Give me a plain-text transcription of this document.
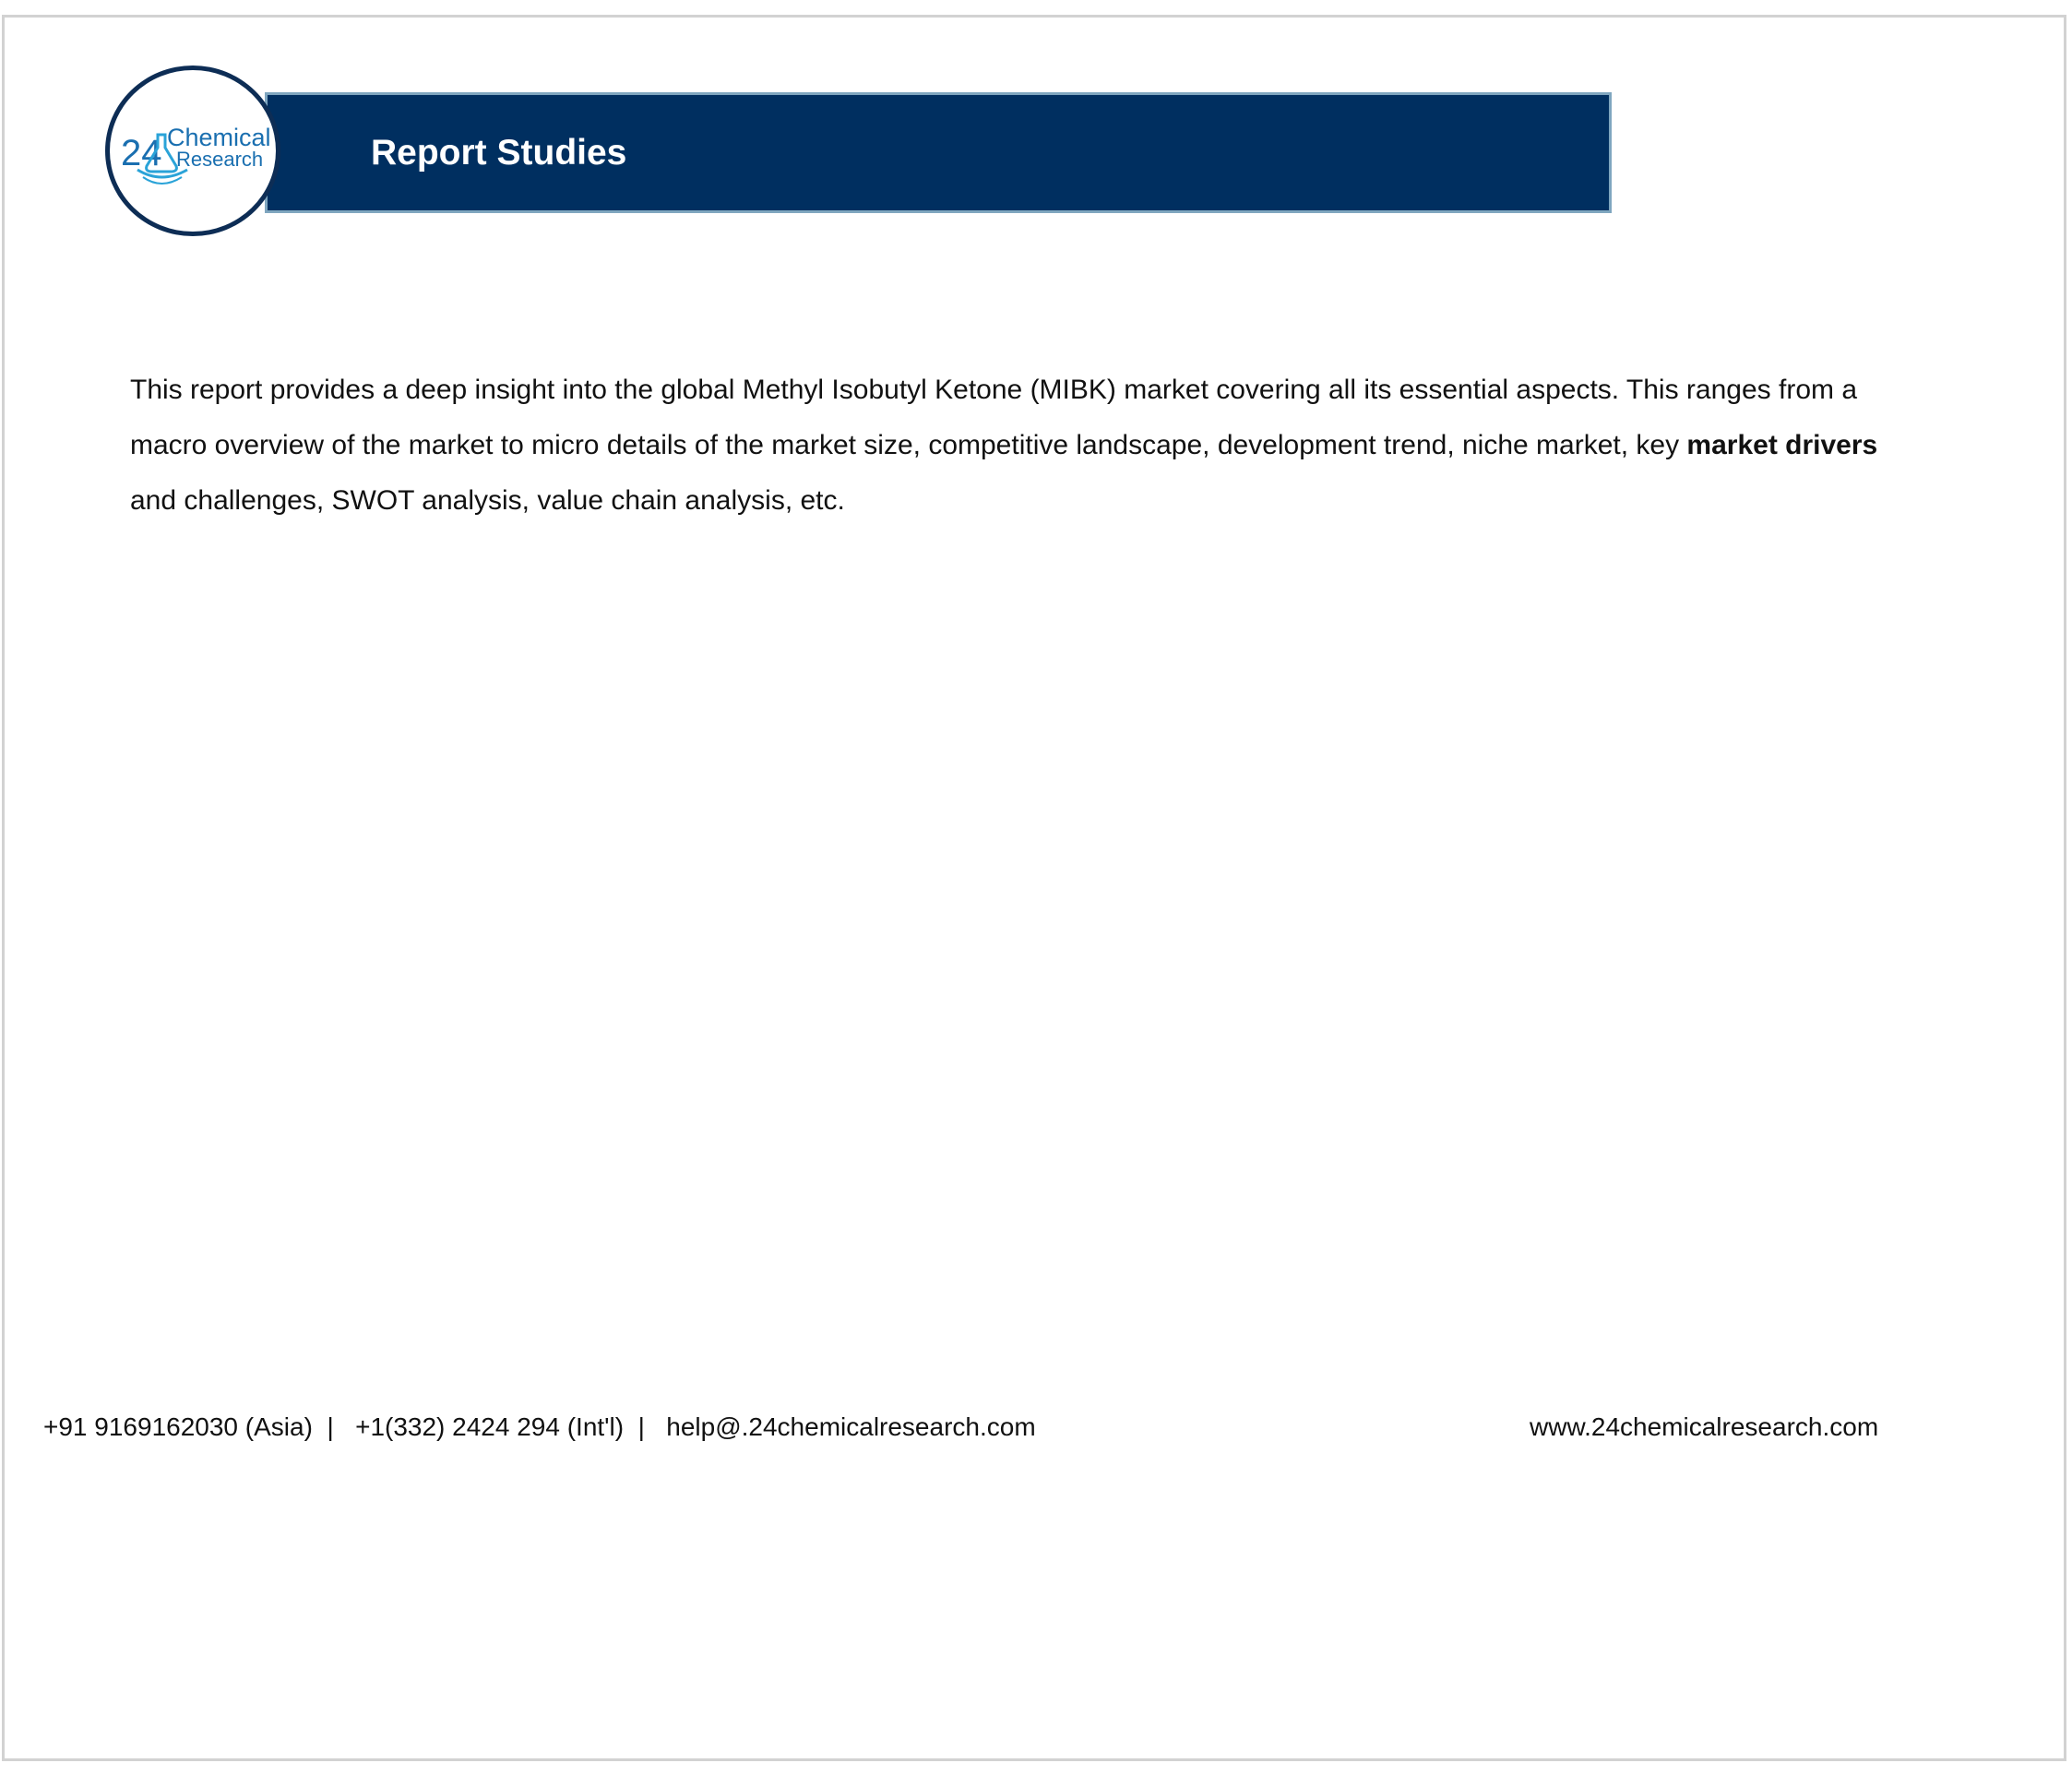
Report Studies
24 Chemical
Research
This report provides a deep insight into the global Methyl Isobutyl Ketone (MIBK) market covering all its essential aspects. This ranges from a macro overview of the market to micro details of the market size, competitive landscape, development trend, niche market, key market drivers and challenges, SWOT analysis, value chain analysis, etc.
+91 9169162030 (Asia) | +1(332) 2424 294 (Int'l) | help@.24chemicalresearch.com	www.24chemicalresearch.com
